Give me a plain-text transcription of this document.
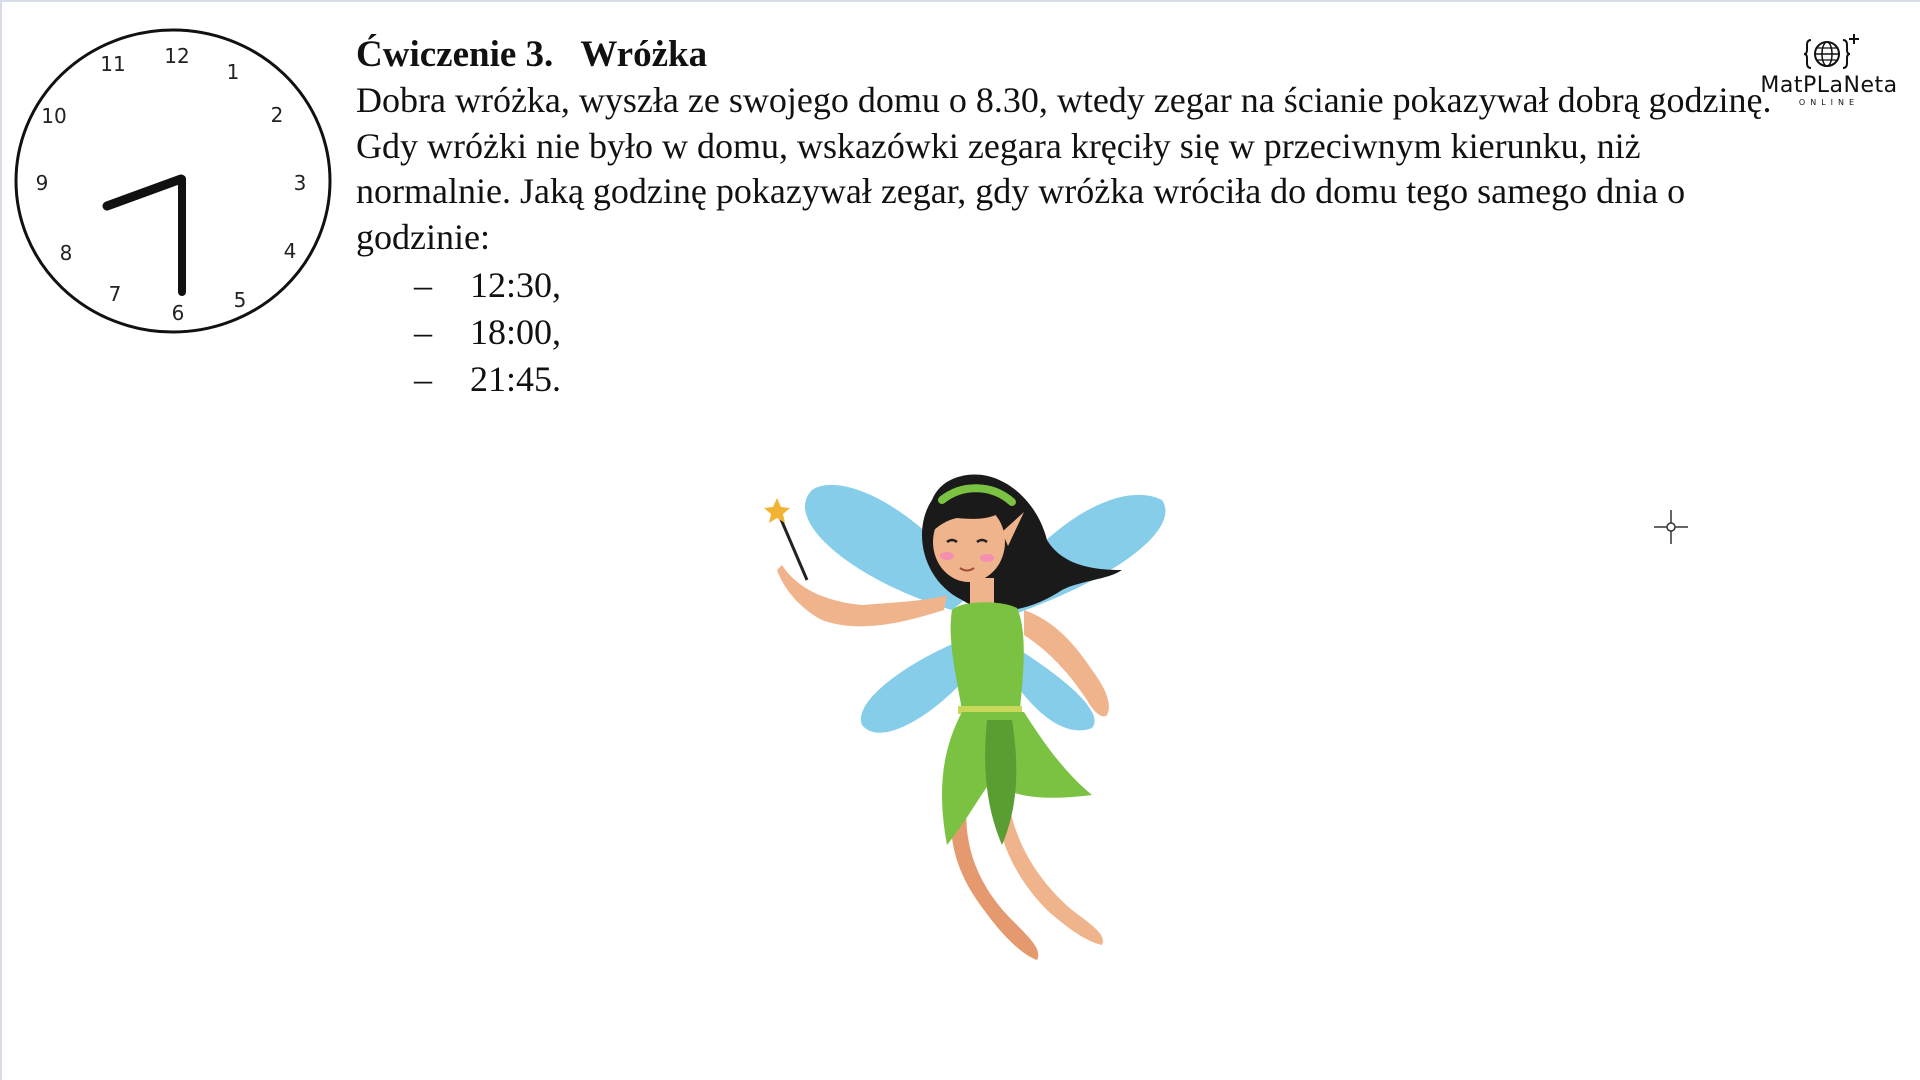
12
1
2
3
4
5
6
7
8
9
10
11	Ćwiczenie 3.   Wróżka

Dobra wróżka, wyszła ze swojego domu o 8.30, wtedy zegar na ścianie pokazywał dobrą godzinę. Gdy wróżki nie było w domu, wskazówki zegara kręciły się w przeciwnym kierunku, niż normalnie. Jaką godzinę pokazywał zegar, gdy wróżka wróciła do domu tego samego dnia o godzinie:

–	12:30,
–	18:00,
–	21:45.
MatPLaNeta
ONLINE
